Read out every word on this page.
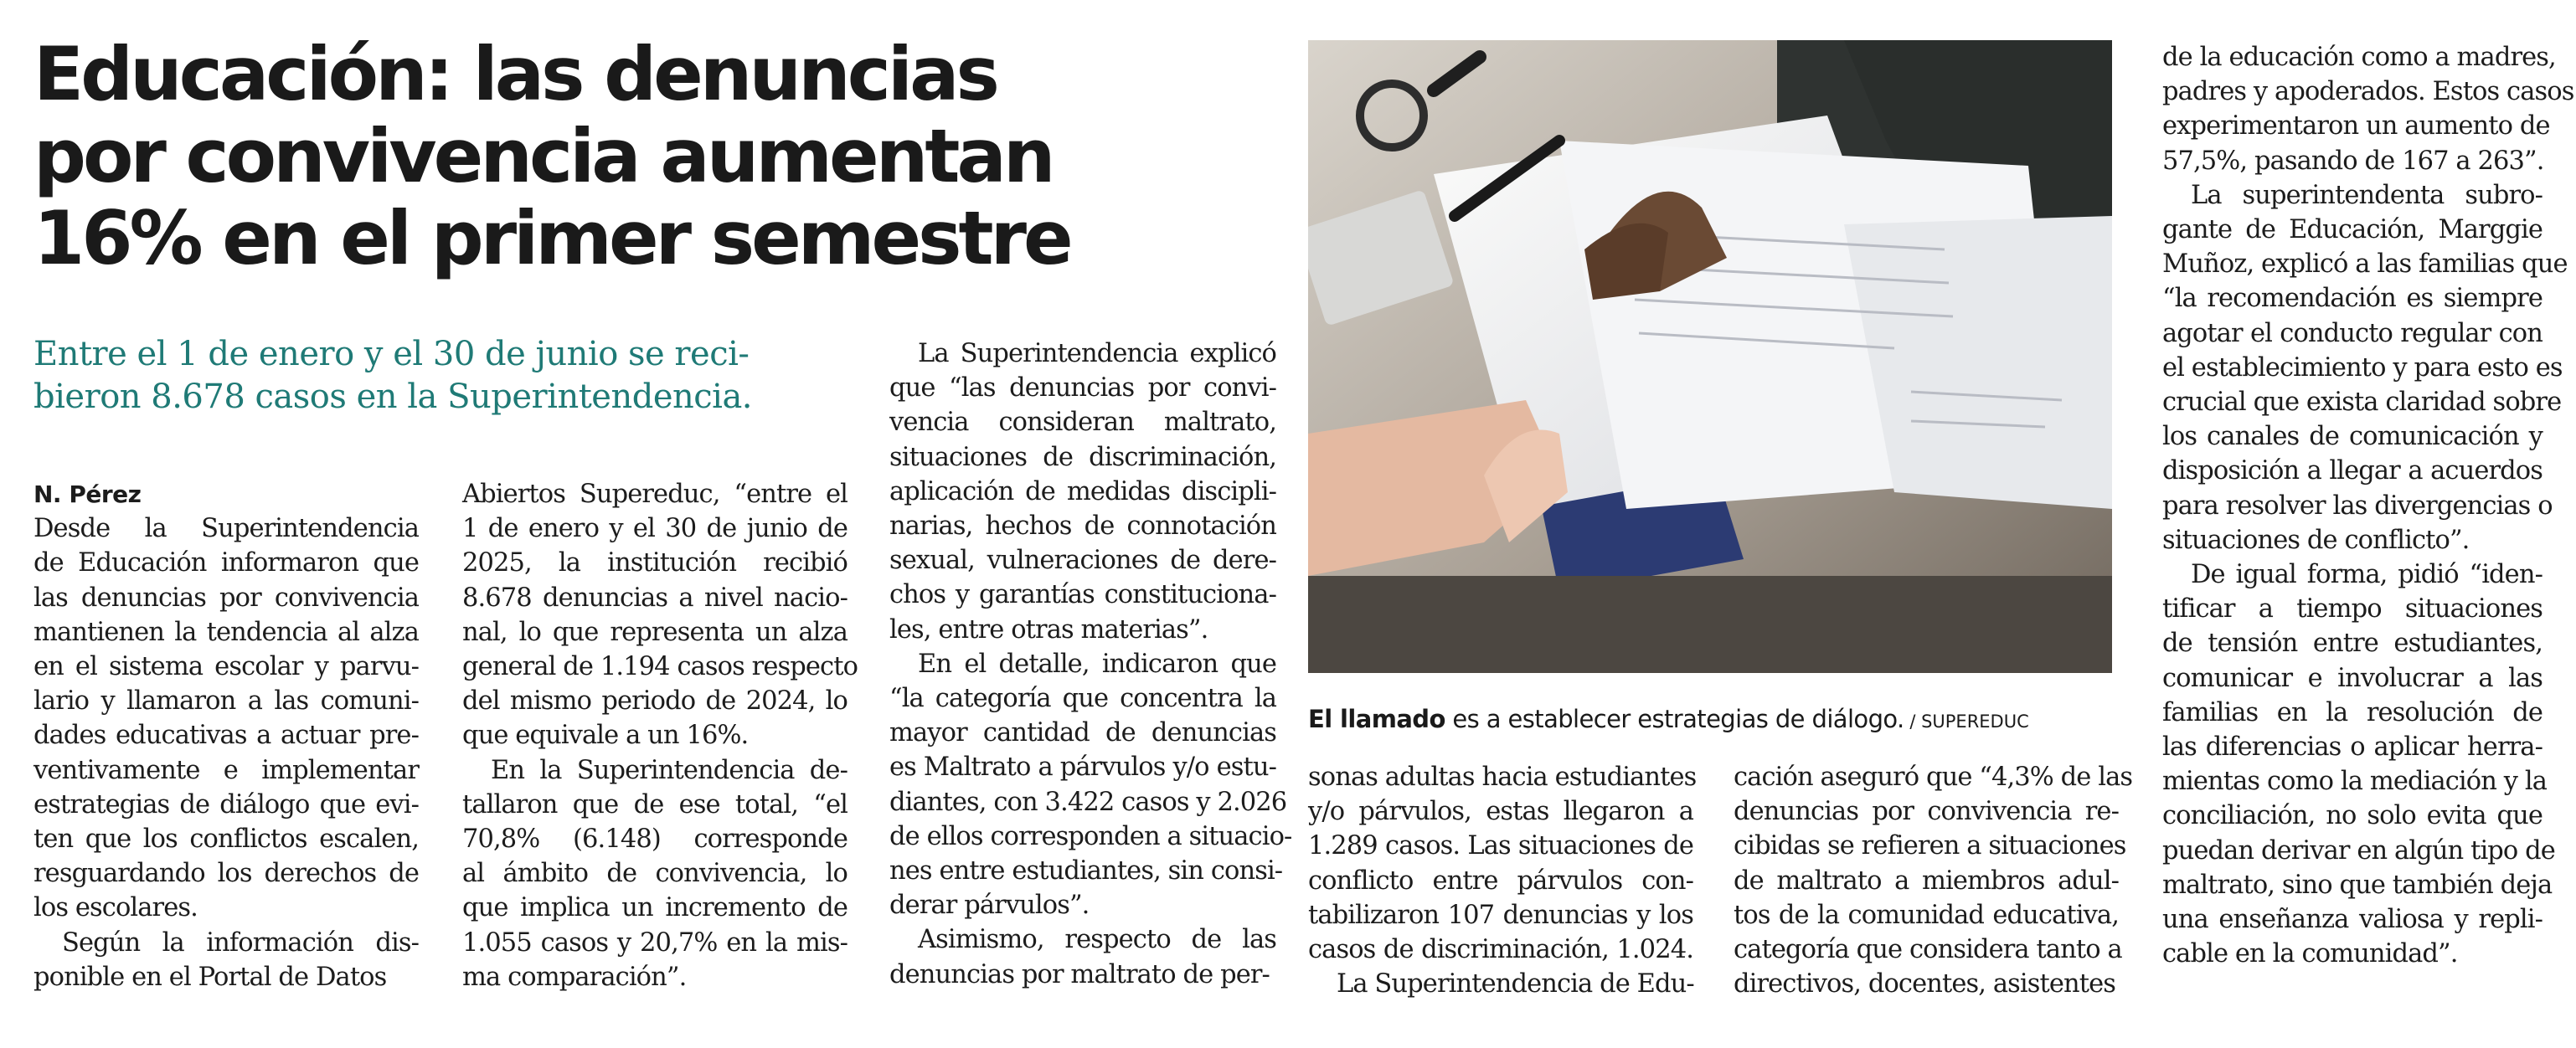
Educación: las denuncias
por convivencia aumentan
16% en el primer semestre
Entre el 1 de enero y el 30 de junio se reci-
bieron 8.678 casos en la Superintendencia.
N. Pérez
Desde la Superintendencia
de Educación informaron que
las denuncias por convivencia
mantienen la tendencia al alza
en el sistema escolar y parvu-
lario y llamaron a las comuni-
dades educativas a actuar pre-
ventivamente e implementar
estrategias de diálogo que evi-
ten que los conflictos escalen,
resguardando los derechos de
los escolares.
Según la información dis-
ponible en el Portal de Datos
Abiertos Supereduc, “entre el
1 de enero y el 30 de junio de
2025, la institución recibió
8.678 denuncias a nivel nacio-
nal, lo que representa un alza
general de 1.194 casos respecto
del mismo periodo de 2024, lo
que equivale a un 16%.
En la Superintendencia de-
tallaron que de ese total, “el
70,8% (6.148) corresponde
al ámbito de convivencia, lo
que implica un incremento de
1.055 casos y 20,7% en la mis-
ma comparación”.
La Superintendencia explicó
que “las denuncias por convi-
vencia consideran maltrato,
situaciones de discriminación,
aplicación de medidas discipli-
narias, hechos de connotación
sexual, vulneraciones de dere-
chos y garantías constituciona-
les, entre otras materias”.
En el detalle, indicaron que
“la categoría que concentra la
mayor cantidad de denuncias
es Maltrato a párvulos y/o estu-
diantes, con 3.422 casos y 2.026
de ellos corresponden a situacio-
nes entre estudiantes, sin consi-
derar párvulos”.
Asimismo, respecto de las
denuncias por maltrato de per-
sonas adultas hacia estudiantes
y/o párvulos, estas llegaron a
1.289 casos. Las situaciones de
conflicto entre párvulos con-
tabilizaron 107 denuncias y los
casos de discriminación, 1.024.
La Superintendencia de Edu-
cación aseguró que “4,3% de las
denuncias por convivencia re-
cibidas se refieren a situaciones
de maltrato a miembros adul-
tos de la comunidad educativa,
categoría que considera tanto a
directivos, docentes, asistentes
de la educación como a madres,
padres y apoderados. Estos casos
experimentaron un aumento de
57,5%, pasando de 167 a 263”.
La superintendenta subro-
gante de Educación, Marggie
Muñoz, explicó a las familias que
“la recomendación es siempre
agotar el conducto regular con
el establecimiento y para esto es
crucial que exista claridad sobre
los canales de comunicación y
disposición a llegar a acuerdos
para resolver las divergencias o
situaciones de conflicto”.
De igual forma, pidió “iden-
tificar a tiempo situaciones
de tensión entre estudiantes,
comunicar e involucrar a las
familias en la resolución de
las diferencias o aplicar herra-
mientas como la mediación y la
conciliación, no solo evita que
puedan derivar en algún tipo de
maltrato, sino que también deja
una enseñanza valiosa y repli-
cable en la comunidad”.
El llamado es a establecer estrategias de diálogo. / SUPEREDUC
